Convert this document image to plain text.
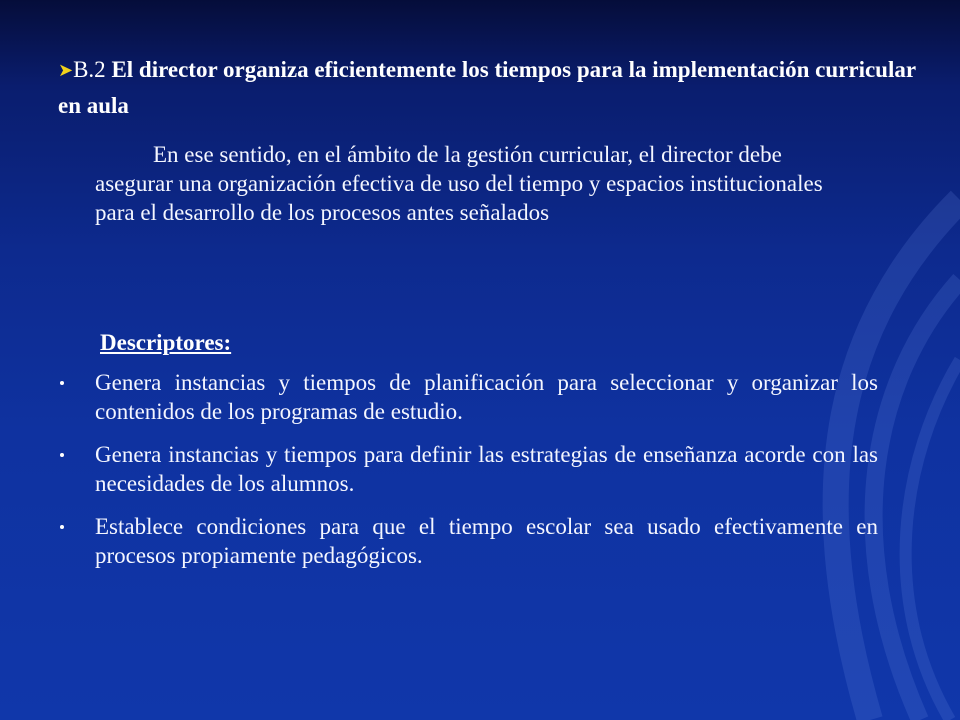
➤B.2 El director organiza eficientemente los tiempos para la implementación curricular en aula
En ese sentido, en el ámbito de la gestión curricular, el director debe asegurar una organización efectiva de uso del tiempo y espacios institucionales para el desarrollo de los procesos antes señalados
Descriptores:
Genera instancias y tiempos de planificación para seleccionar y organizar los contenidos de los programas de estudio.
Genera instancias y tiempos para definir las estrategias de enseñanza acorde con las necesidades de los alumnos.
Establece condiciones para que el tiempo escolar sea usado efectivamente en procesos propiamente pedagógicos.
